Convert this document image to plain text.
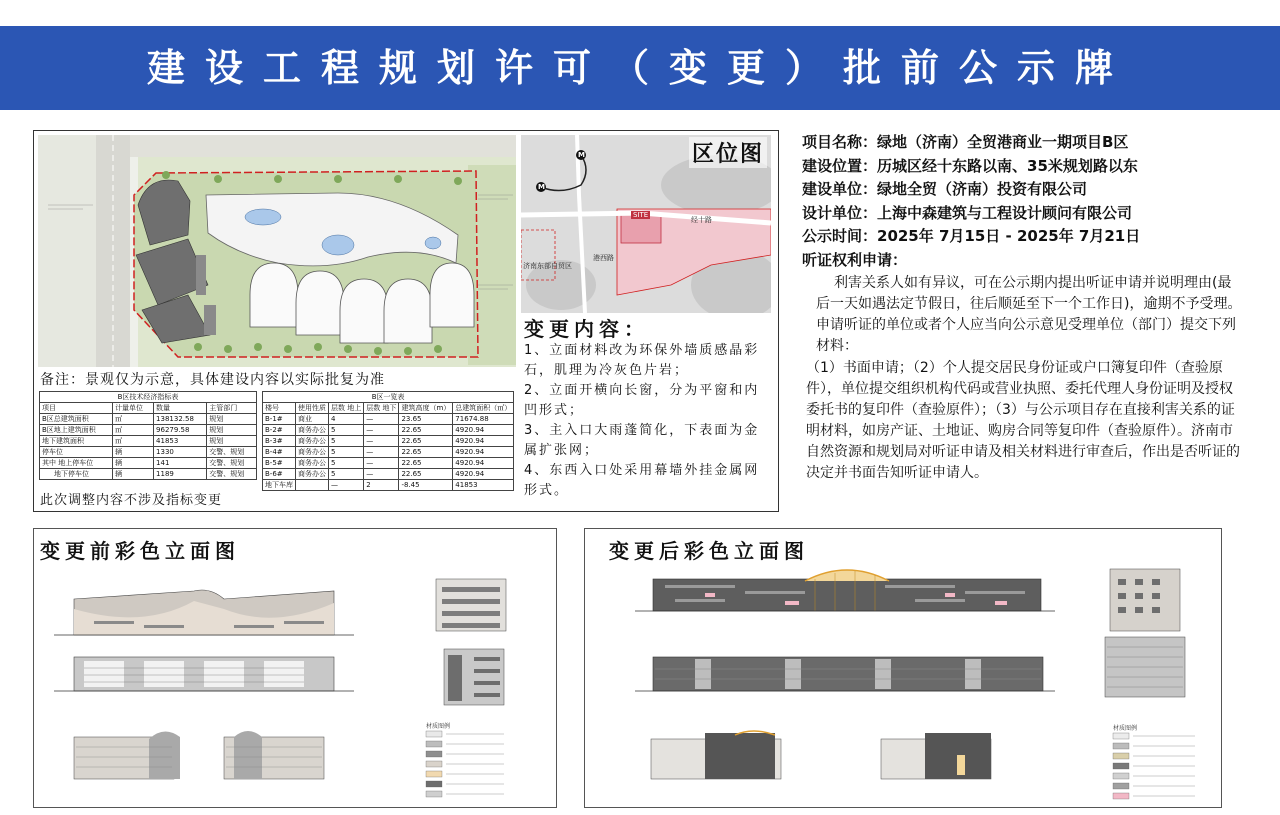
建设工程规划许可（变更）批前公示牌
区位图
M
M
SITE
经十路
济南东部自贸区
港西路
备注：景观仅为示意，具体建设内容以实际批复为准
变更内容：
1、立面材料改为环保外墙质感晶彩石，肌理为冷灰色片岩；
2、立面开横向长窗，分为平窗和内凹形式；
3、主入口大雨蓬简化，下表面为金属扩张网；
4、东西入口处采用幕墙外挂金属网形式。
B区技术经济指标表			
项目	计量单位	数量	主管部门
B区总建筑面积	㎡	138132.58	规划
B区地上建筑面积	㎡	96279.58	规划
地下建筑面积	㎡	41853	规划
停车位	辆	1330	交警、规划
其中 地上停车位	辆	141	交警、规划
地下停车位	辆	1189	交警、规划
B区一览表					
楼号	使用性质	层数 地上	层数 地下	建筑高度（m）	总建筑面积（㎡）
B-1#	商业	4	—	23.65	71674.88
B-2#	商务办公	5	—	22.65	4920.94
B-3#	商务办公	5	—	22.65	4920.94
B-4#	商务办公	5	—	22.65	4920.94
B-5#	商务办公	5	—	22.65	4920.94
B-6#	商务办公	5	—	22.65	4920.94
地下车库		—	2	-8.45	41853
此次调整内容不涉及指标变更
项目名称：绿地（济南）全贸港商业一期项目B区
建设位置：历城区经十东路以南、35米规划路以东
建设单位：绿地全贸（济南）投资有限公司
设计单位：上海中森建筑与工程设计顾问有限公司
公示时间：2025年 7月15日 - 2025年 7月21日
听证权利申请：
利害关系人如有异议，可在公示期内提出听证申请并说明理由(最后一天如遇法定节假日，往后顺延至下一个工作日)，逾期不予受理。申请听证的单位或者个人应当向公示意见受理单位（部门）提交下列材料：
（1）书面申请；（2）个人提交居民身份证或户口簿复印件（查验原件），单位提交组织机构代码或营业执照、委托代理人身份证明及授权委托书的复印件（查验原件）；（3）与公示项目存在直接利害关系的证明材料，如房产证、土地证、购房合同等复印件（查验原件）。济南市自然资源和规划局对听证申请及相关材料进行审查后，作出是否听证的决定并书面告知听证申请人。
变更前彩色立面图
材质图例
变更后彩色立面图
材质图例
